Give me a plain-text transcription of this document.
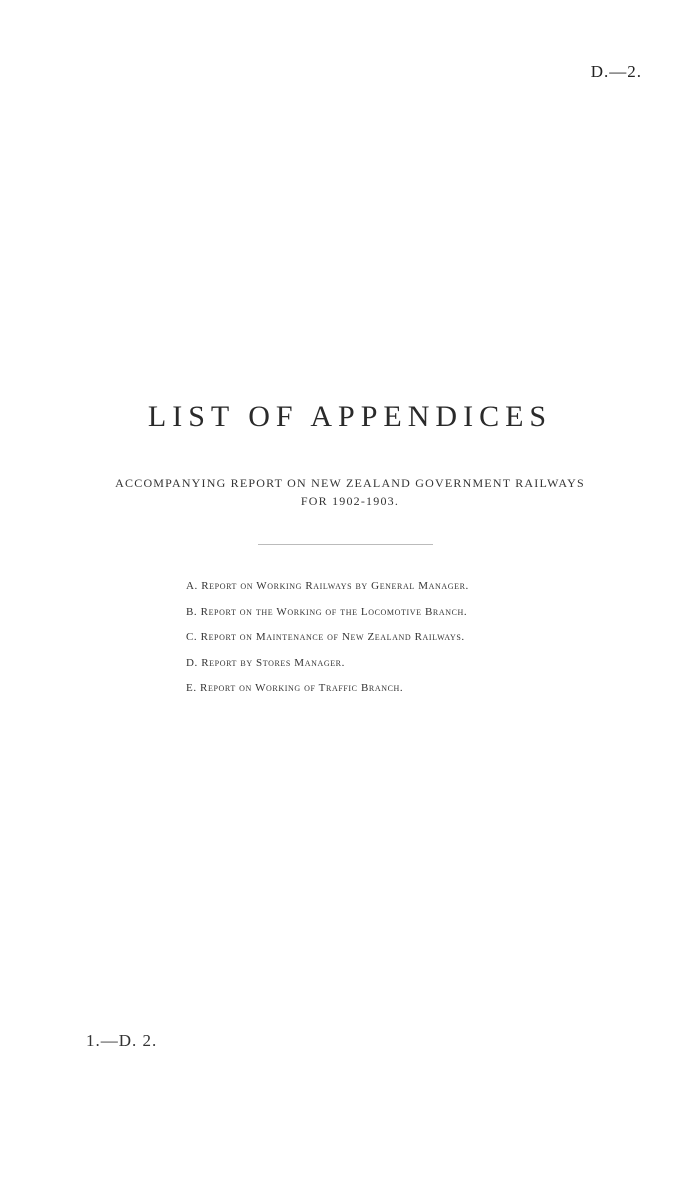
D.—2.
LIST OF APPENDICES
ACCOMPANYING REPORT ON NEW ZEALAND GOVERNMENT RAILWAYS
FOR 1902-1903.
A. Report on Working Railways by General Manager.
B. Report on the Working of the Locomotive Branch.
C. Report on Maintenance of New Zealand Railways.
D. Report by Stores Manager.
E. Report on Working of Traffic Branch.
1.—D. 2.
